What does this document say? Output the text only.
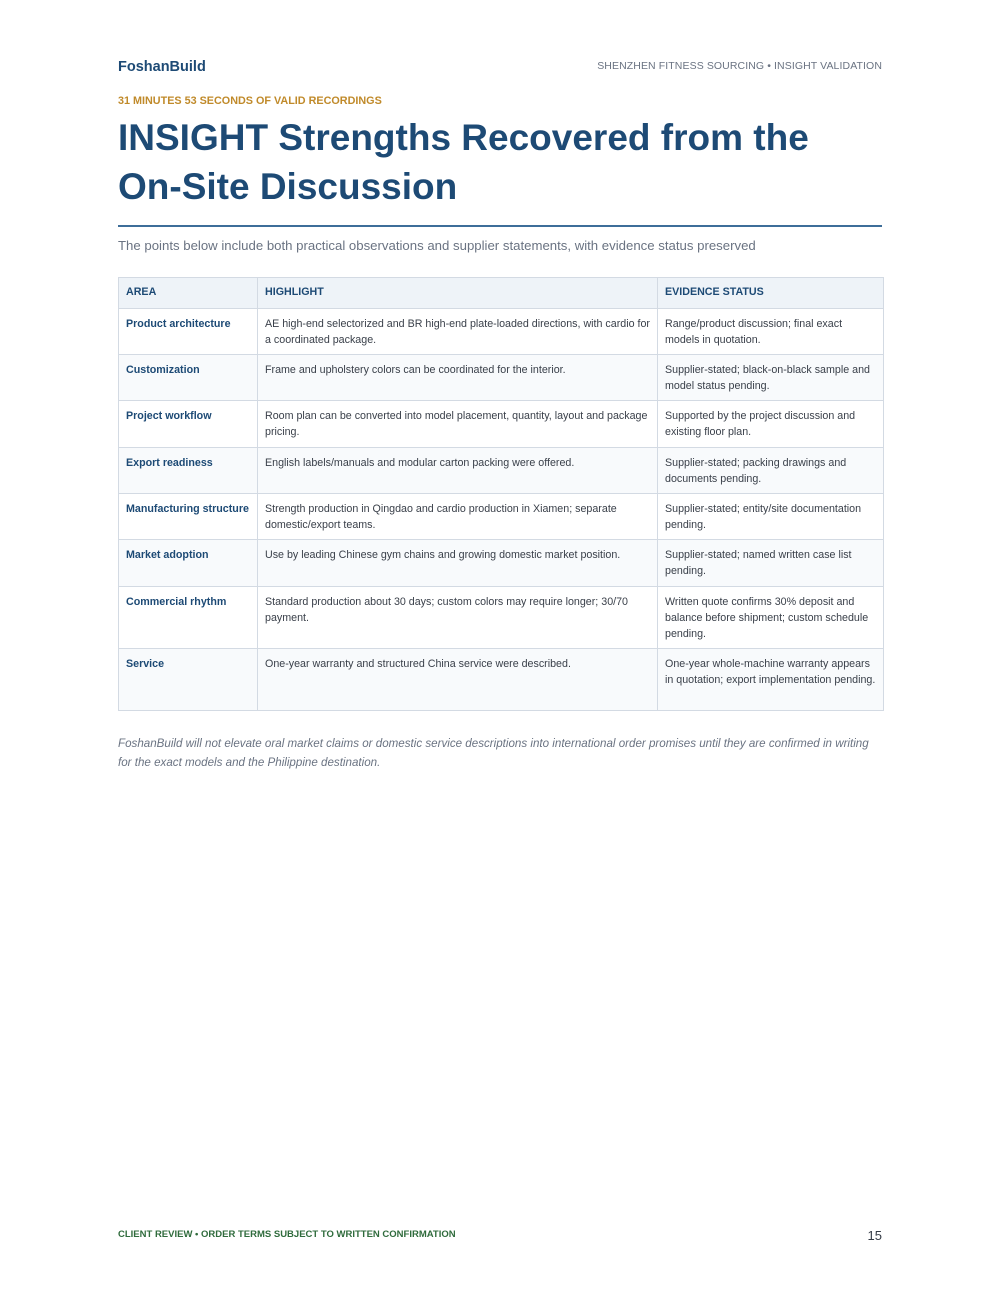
FoshanBuild	SHENZHEN FITNESS SOURCING • INSIGHT VALIDATION
31 MINUTES 53 SECONDS OF VALID RECORDINGS
INSIGHT Strengths Recovered from the On-Site Discussion
The points below include both practical observations and supplier statements, with evidence status preserved
AREA	HIGHLIGHT	EVIDENCE STATUS
Product architecture	AE high-end selectorized and BR high-end plate-loaded directions, with cardio for a coordinated package.	Range/product discussion; final exact models in quotation.
Customization	Frame and upholstery colors can be coordinated for the interior.	Supplier-stated; black-on-black sample and model status pending.
Project workflow	Room plan can be converted into model placement, quantity, layout and package pricing.	Supported by the project discussion and existing floor plan.
Export readiness	English labels/manuals and modular carton packing were offered.	Supplier-stated; packing drawings and documents pending.
Manufacturing structure	Strength production in Qingdao and cardio production in Xiamen; separate domestic/export teams.	Supplier-stated; entity/site documentation pending.
Market adoption	Use by leading Chinese gym chains and growing domestic market position.	Supplier-stated; named written case list pending.
Commercial rhythm	Standard production about 30 days; custom colors may require longer; 30/70 payment.	Written quote confirms 30% deposit and balance before shipment; custom schedule pending.
Service	One-year warranty and structured China service were described.	One-year whole-machine warranty appears in quotation; export implementation pending.
FoshanBuild will not elevate oral market claims or domestic service descriptions into international order promises until they are confirmed in writing for the exact models and the Philippine destination.
CLIENT REVIEW • ORDER TERMS SUBJECT TO WRITTEN CONFIRMATION	15
